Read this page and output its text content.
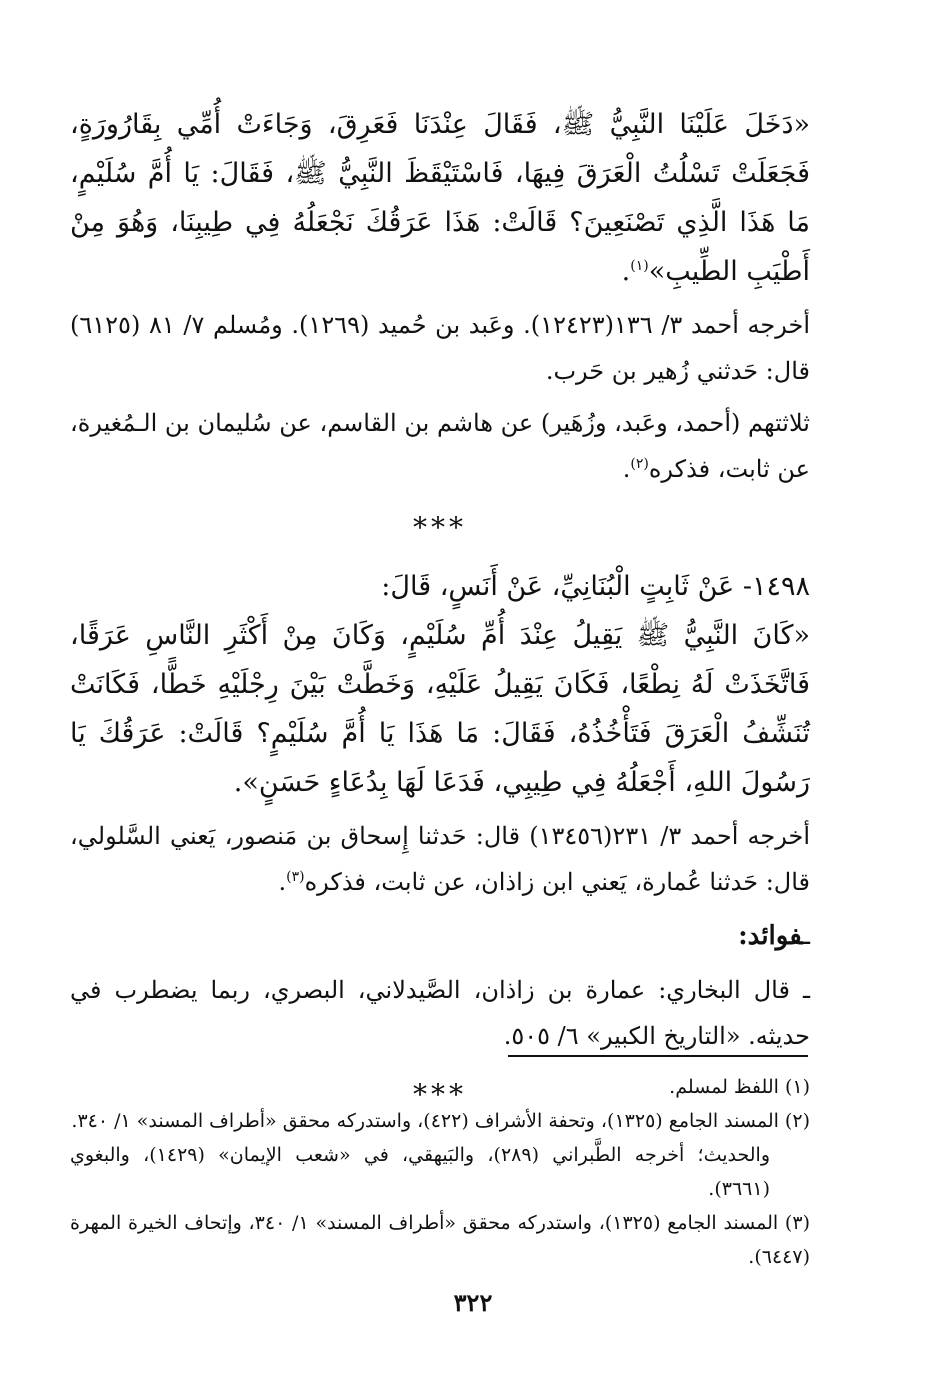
«دَخَلَ عَلَيْنَا النَّبِيُّ ﷺ، فَقَالَ عِنْدَنَا فَعَرِقَ، وَجَاءَتْ أُمِّي بِقَارُورَةٍ، فَجَعَلَتْ تَسْلُتُ الْعَرَقَ فِيهَا، فَاسْتَيْقَظَ النَّبِيُّ ﷺ، فَقَالَ: يَا أُمَّ سُلَيْمٍ، مَا هَذَا الَّذِي تَصْنَعِينَ؟ قَالَتْ: هَذَا عَرَقُكَ نَجْعَلُهُ فِي طِيبِنَا، وَهُوَ مِنْ أَطْيَبِ الطِّيبِ»$^{(١)}$.

أخرجه أحمد ٣/ ١٣٦(١٢٤٢٣). وعَبد بن حُميد (١٢٦٩). ومُسلم ٧/ ٨١ (٦١٢٥) قال: حَدثني زُهير بن حَرب.

ثلاثتهم (أحمد، وعَبد، وزُهَير) عن هاشم بن القاسم، عن سُليمان بن الـمُغيرة، عن ثابت، فذكره$^{(٢)}$.

***

١٤٩٨- عَنْ ثَابِتٍ الْبُنَانِيِّ، عَنْ أَنَسٍ، قَالَ:

«كَانَ النَّبِيُّ ﷺ يَقِيلُ عِنْدَ أُمِّ سُلَيْمٍ، وَكَانَ مِنْ أَكْثَرِ النَّاسِ عَرَقًا، فَاتَّخَذَتْ لَهُ نِطْعًا، فَكَانَ يَقِيلُ عَلَيْهِ، وَخَطَّتْ بَيْنَ رِجْلَيْهِ خَطًّا، فَكَانَتْ تُنَشِّفُ الْعَرَقَ فَتَأْخُذُهُ، فَقَالَ: مَا هَذَا يَا أُمَّ سُلَيْمٍ؟ قَالَتْ: عَرَقُكَ يَا رَسُولَ اللهِ، أَجْعَلُهُ فِي طِيبِي، فَدَعَا لَهَا بِدُعَاءٍ حَسَنٍ».

أخرجه أحمد ٣/ ٢٣١(١٣٤٥٦) قال: حَدثنا إِسحاق بن مَنصور، يَعني السَّلولي، قال: حَدثنا عُمارة، يَعني ابن زاذان، عن ثابت، فذكره$^{(٣)}$.

ـفوائد:

ـ قال البخاري: عمارة بن زاذان، الصَّيدلاني، البصري، ربما يضطرب في حديثه. «التاريخ الكبير» ٦/ ٥٠٥.

***	(١) اللفظ لمسلم.

(٢) المسند الجامع (١٣٢٥)، وتحفة الأشراف (٤٢٢)، واستدركه محقق «أطراف المسند» ١/ ٣٤٠.

والحديث؛ أخرجه الطَّبراني (٢٨٩)، والبَيهقي، في «شعب الإيمان» (١٤٢٩)، والبغوي (٣٦٦١).

(٣) المسند الجامع (١٣٢٥)، واستدركه محقق «أطراف المسند» ١/ ٣٤٠، وإتحاف الخيرة المهرة (٦٤٤٧).

٣٢٢
